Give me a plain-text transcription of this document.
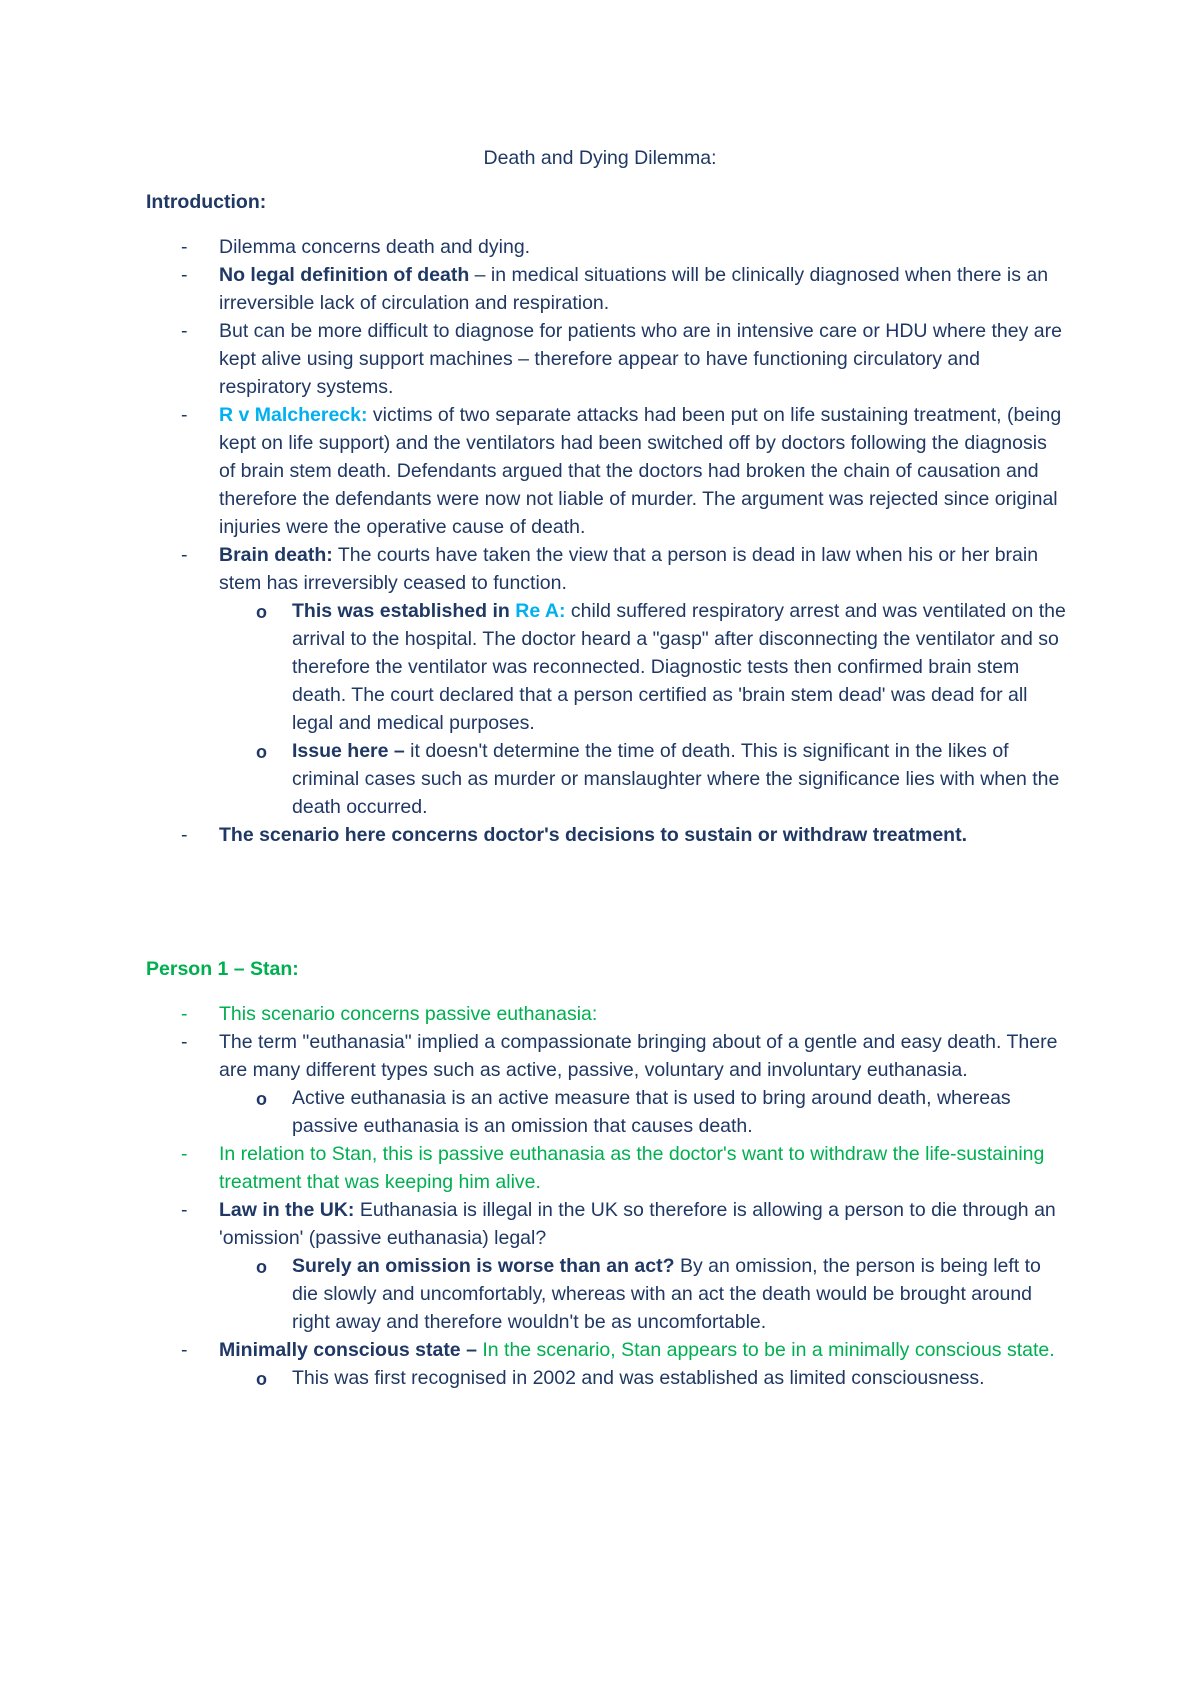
Death and Dying Dilemma:
Introduction:
- Dilemma concerns death and dying.
- No legal definition of death – in medical situations will be clinically diagnosed when there is an irreversible lack of circulation and respiration.
- But can be more difficult to diagnose for patients who are in intensive care or HDU where they are kept alive using support machines – therefore appear to have functioning circulatory and respiratory systems.
- R v Malchereck: victims of two separate attacks had been put on life sustaining treatment, (being kept on life support) and the ventilators had been switched off by doctors following the diagnosis of brain stem death. Defendants argued that the doctors had broken the chain of causation and therefore the defendants were now not liable of murder. The argument was rejected since original injuries were the operative cause of death.
- Brain death: The courts have taken the view that a person is dead in law when his or her brain stem has irreversibly ceased to function.
o This was established in Re A: child suffered respiratory arrest and was ventilated on the arrival to the hospital. The doctor heard a "gasp" after disconnecting the ventilator and so therefore the ventilator was reconnected. Diagnostic tests then confirmed brain stem death. The court declared that a person certified as 'brain stem dead' was dead for all legal and medical purposes.
o Issue here – it doesn't determine the time of death. This is significant in the likes of criminal cases such as murder or manslaughter where the significance lies with when the death occurred.
- The scenario here concerns doctor's decisions to sustain or withdraw treatment.
Person 1 – Stan:
- This scenario concerns passive euthanasia:
- The term "euthanasia" implied a compassionate bringing about of a gentle and easy death. There are many different types such as active, passive, voluntary and involuntary euthanasia.
o Active euthanasia is an active measure that is used to bring around death, whereas passive euthanasia is an omission that causes death.
- In relation to Stan, this is passive euthanasia as the doctor's want to withdraw the life-sustaining treatment that was keeping him alive.
- Law in the UK: Euthanasia is illegal in the UK so therefore is allowing a person to die through an 'omission' (passive euthanasia) legal?
o Surely an omission is worse than an act? By an omission, the person is being left to die slowly and uncomfortably, whereas with an act the death would be brought around right away and therefore wouldn't be as uncomfortable.
- Minimally conscious state – In the scenario, Stan appears to be in a minimally conscious state.
o This was first recognised in 2002 and was established as limited consciousness.
